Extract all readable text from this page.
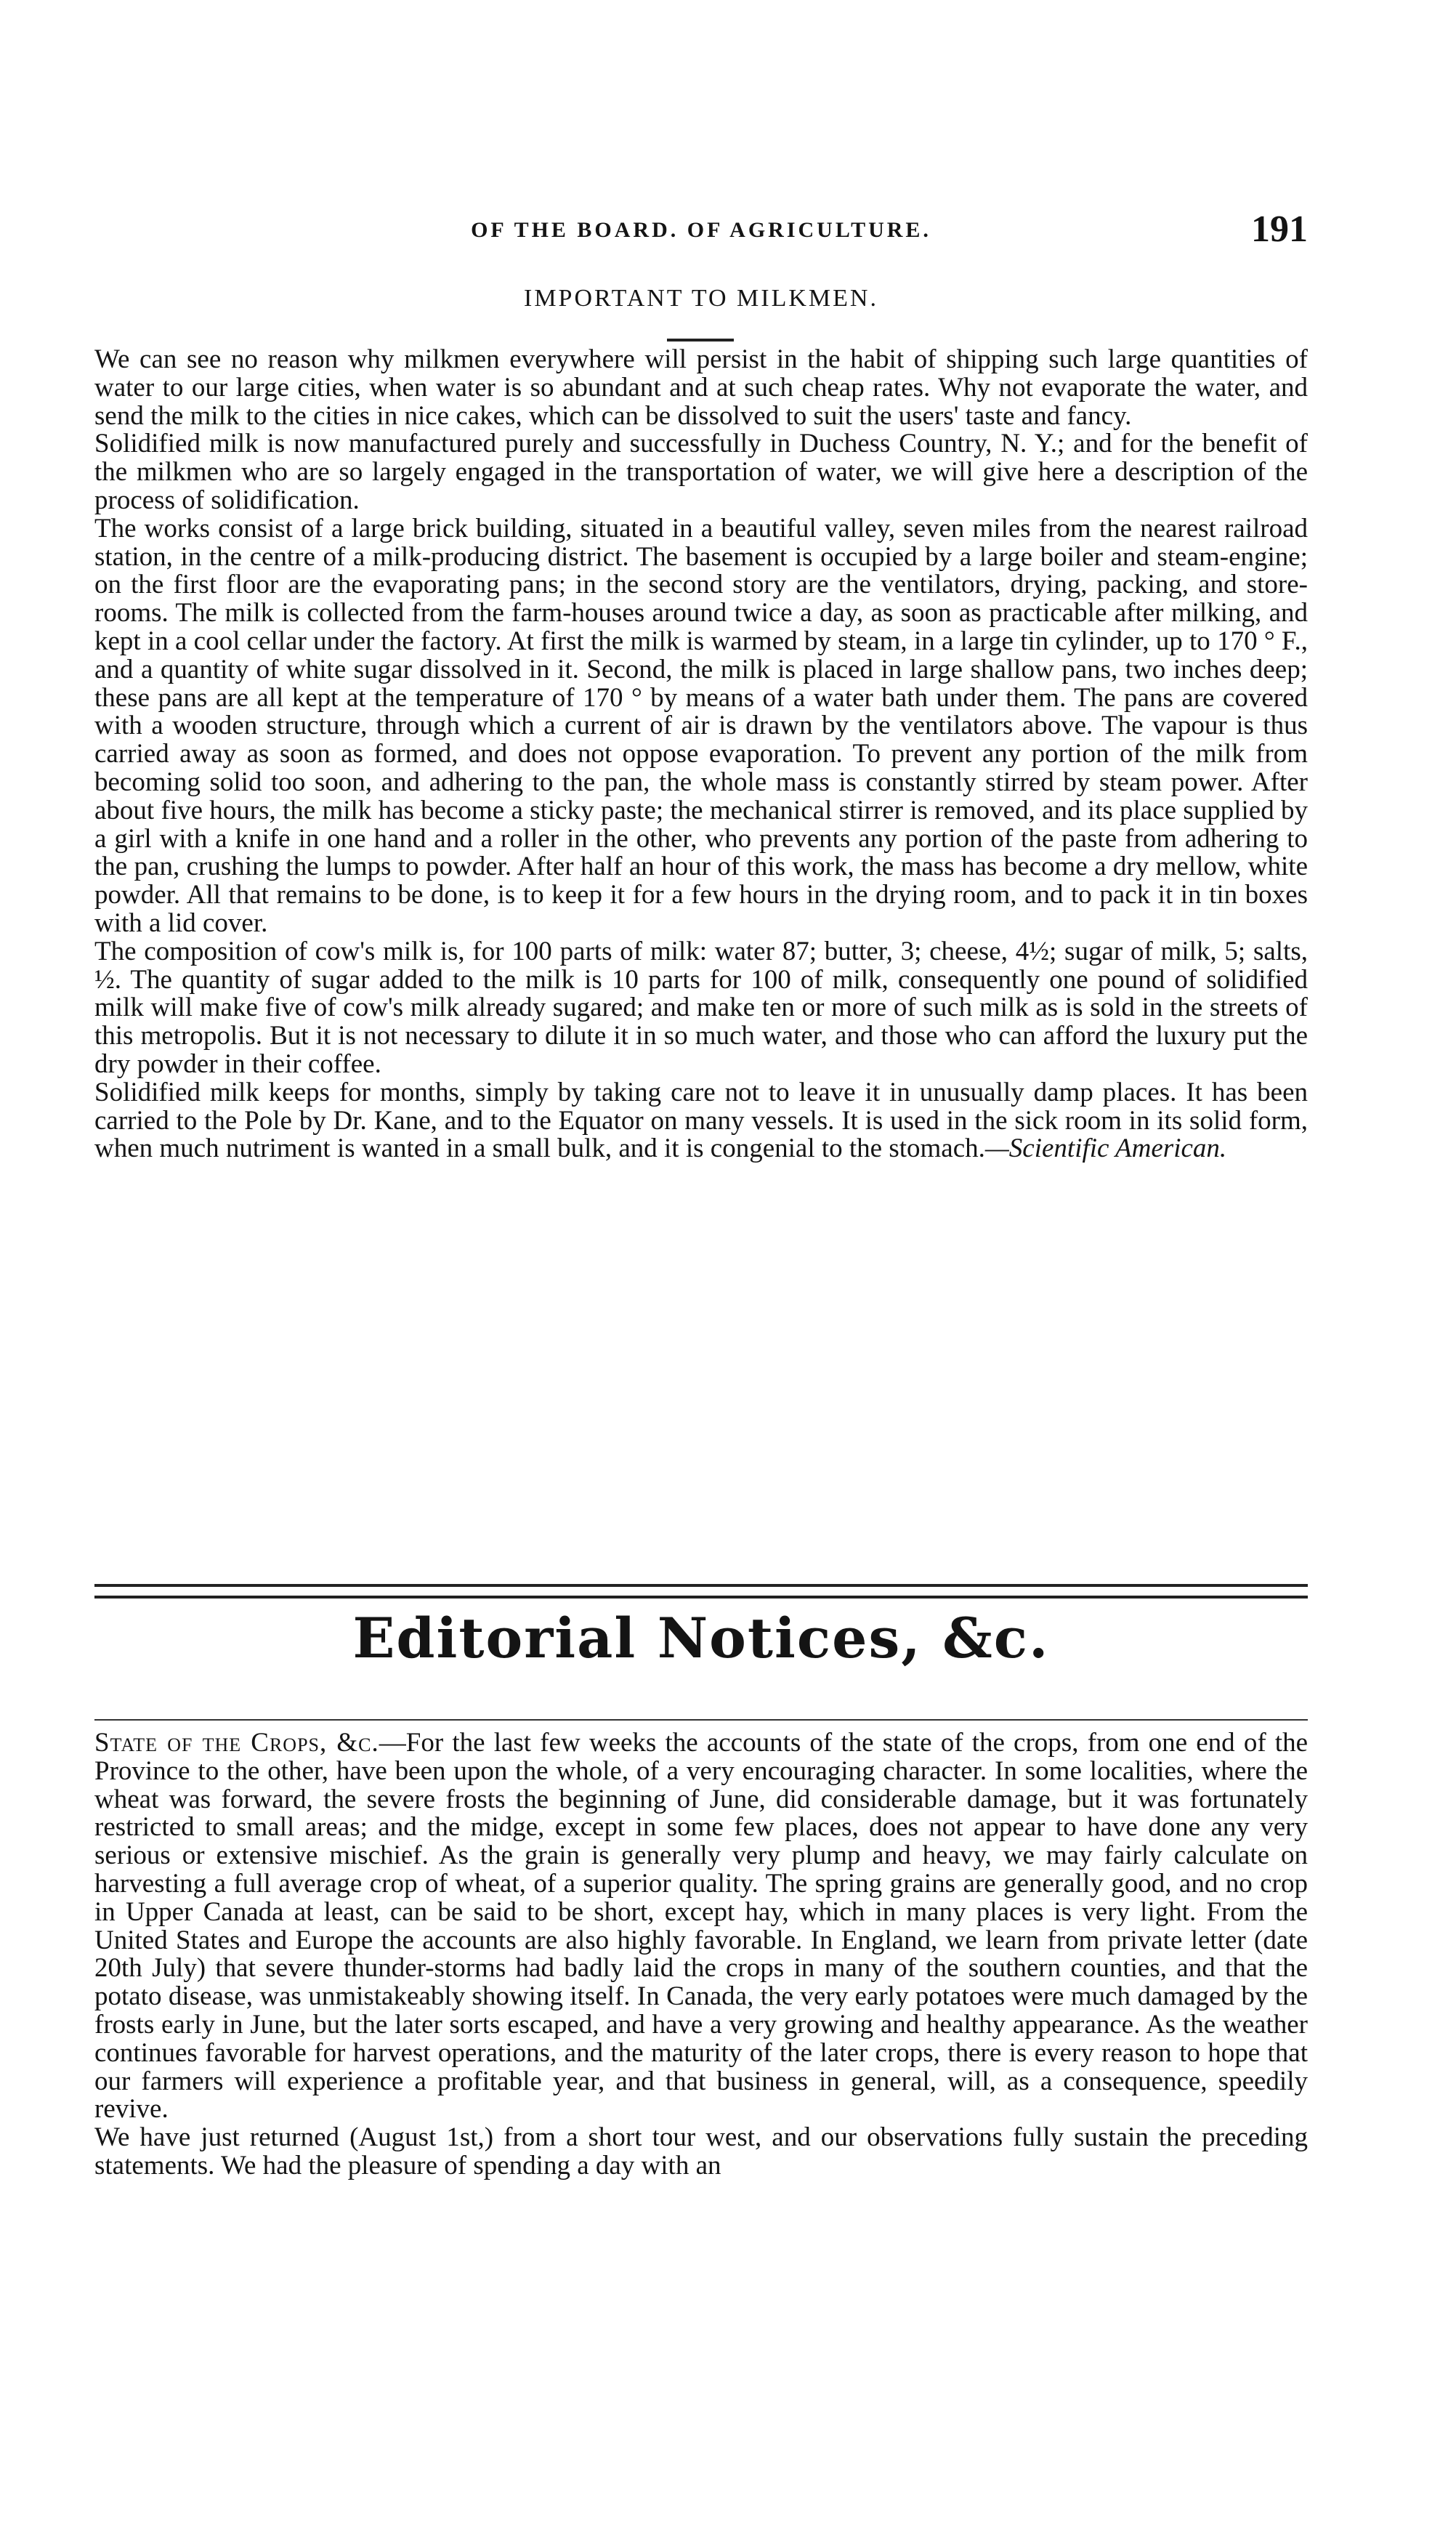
OF THE BOARD. OF AGRICULTURE.	191
IMPORTANT TO MILKMEN.

We can see no reason why milkmen everywhere will persist in the habit of shipping such large quantities of water to our large cities, when water is so abundant and at such cheap rates. Why not evaporate the water, and send the milk to the cities in nice cakes, which can be dissolved to suit the users' taste and fancy.

Solidified milk is now manufactured purely and successfully in Duchess Country, N. Y.; and for the benefit of the milkmen who are so largely engaged in the transportation of water, we will give here a description of the process of solidification.

The works consist of a large brick building, situated in a beautiful valley, seven miles from the nearest railroad station, in the centre of a milk-producing district. The basement is occupied by a large boiler and steam-engine; on the first floor are the evaporating pans; in the second story are the ventilators, drying, packing, and store-rooms. The milk is collected from the farm-houses around twice a day, as soon as practicable after milking, and kept in a cool cellar under the factory. At first the milk is warmed by steam, in a large tin cylinder, up to 170 ° F., and a quantity of white sugar dissolved in it. Second, the milk is placed in large shallow pans, two inches deep; these pans are all kept at the temperature of 170 ° by means of a water bath under them. The pans are covered with a wooden structure, through which a current of air is drawn by the ventilators above. The vapour is thus carried away as soon as formed, and does not oppose evaporation. To prevent any portion of the milk from becoming solid too soon, and adhering to the pan, the whole mass is constantly stirred by steam power. After about five hours, the milk has become a sticky paste; the mechanical stirrer is removed, and its place supplied by a girl with a knife in one hand and a roller in the other, who prevents any portion of the paste from adhering to the pan, crushing the lumps to powder. After half an hour of this work, the mass has become a dry mellow, white powder. All that remains to be done, is to keep it for a few hours in the drying room, and to pack it in tin boxes with a lid cover.

The composition of cow's milk is, for 100 parts of milk: water 87; butter, 3; cheese, 4½; sugar of milk, 5; salts, ½. The quantity of sugar added to the milk is 10 parts for 100 of milk, consequently one pound of solidified milk will make five of cow's milk already sugared; and make ten or more of such milk as is sold in the streets of this metropolis. But it is not necessary to dilute it in so much water, and those who can afford the luxury put the dry powder in their coffee.

Solidified milk keeps for months, simply by taking care not to leave it in unusually damp places. It has been carried to the Pole by Dr. Kane, and to the Equator on many vessels. It is used in the sick room in its solid form, when much nutriment is wanted in a small bulk, and it is congenial to the stomach.—Scientific American.

Editorial Notices, &c.

State of the Crops, &c.—For the last few weeks the accounts of the state of the crops, from one end of the Province to the other, have been upon the whole, of a very encouraging character. In some localities, where the wheat was forward, the severe frosts the beginning of June, did considerable damage, but it was fortunately restricted to small areas; and the midge, except in some few places, does not appear to have done any very serious or extensive mischief. As the grain is generally very plump and heavy, we may fairly calculate on harvesting a full average crop of wheat, of a superior quality. The spring grains are generally good, and no crop in Upper Canada at least, can be said to be short, except hay, which in many places is very light. From the United States and Europe the accounts are also highly favorable. In England, we learn from private letter (date 20th July) that severe thunder-storms had badly laid the crops in many of the southern counties, and that the potato disease, was unmistakeably showing itself. In Canada, the very early potatoes were much damaged by the frosts early in June, but the later sorts escaped, and have a very growing and healthy appearance. As the weather continues favorable for harvest operations, and the maturity of the later crops, there is every reason to hope that our farmers will experience a profitable year, and that business in general, will, as a consequence, speedily revive.

We have just returned (August 1st,) from a short tour west, and our observations fully sustain the preceding statements. We had the pleasure of spending a day with an
